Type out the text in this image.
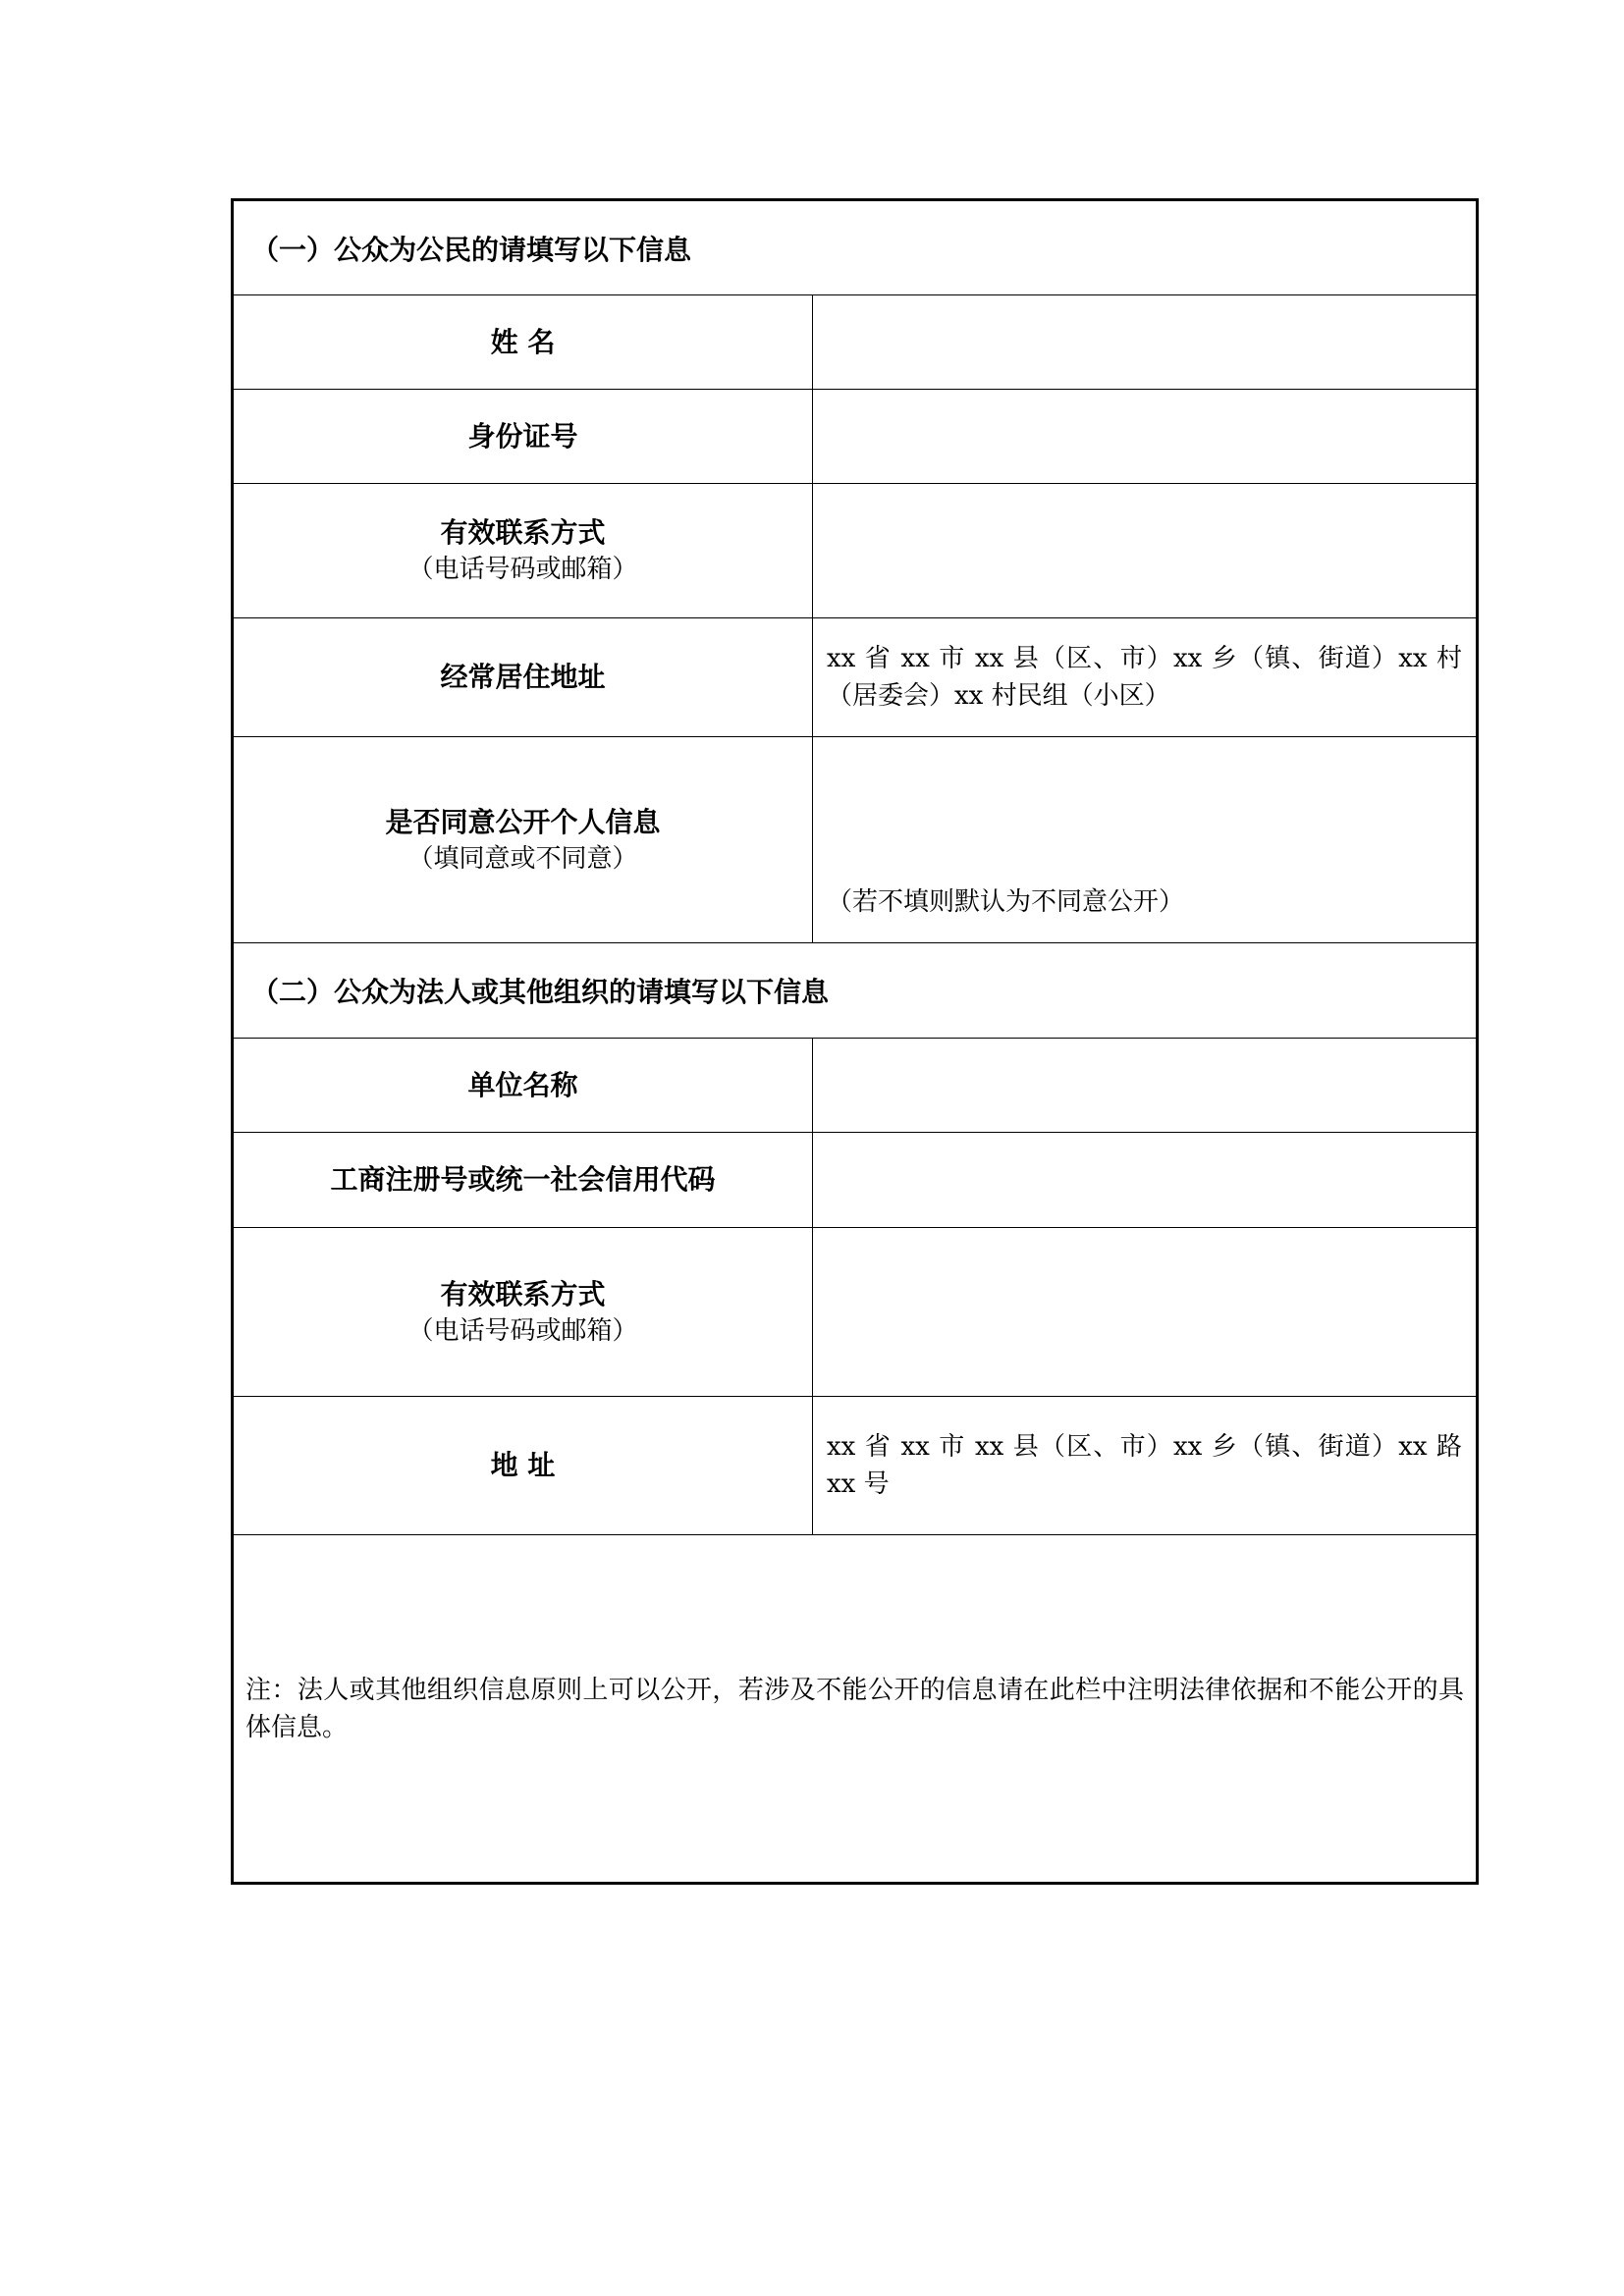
（一）公众为公民的请填写以下信息	

姓 名	

身份证号	

有效联系方式
（电话号码或邮箱）	

经常居住地址	xx 省 xx 市 xx 县（区、市）xx 乡（镇、街道）xx 村（居委会）xx 村民组（小区）

是否同意公开个人信息
（填同意或不同意）	（若不填则默认为不同意公开）
（二）公众为法人或其他组织的请填写以下信息	

单位名称	

工商注册号或统一社会信用代码	

有效联系方式
（电话号码或邮箱）	

地 址	xx 省 xx 市 xx 县（区、市）xx 乡（镇、街道）xx 路 xx 号
注：法人或其他组织信息原则上可以公开，若涉及不能公开的信息请在此栏中注明法律依据和不能公开的具体信息。	
